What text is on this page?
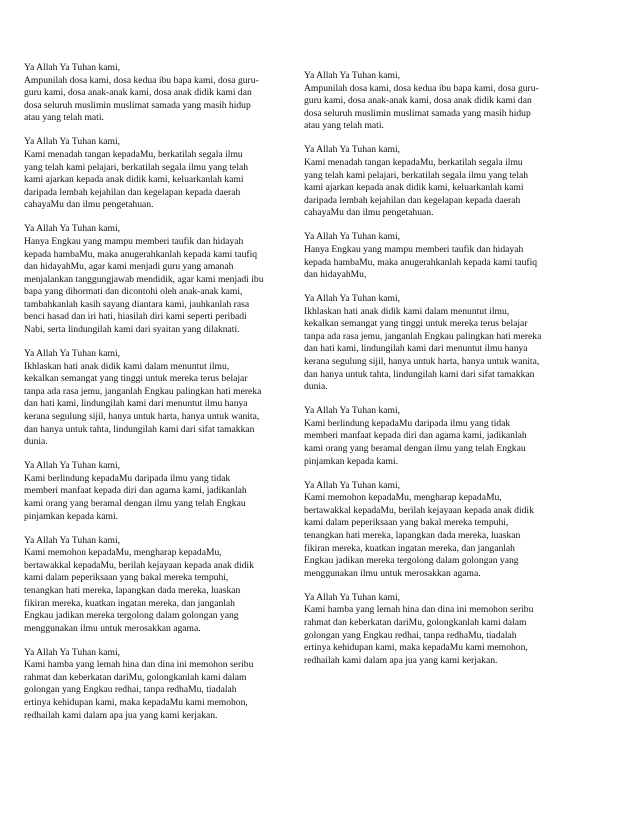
Ya Allah Ya Tuhan kami,
Ampunilah dosa kami, dosa kedua ibu bapa kami, dosa guru-
guru kami, dosa anak-anak kami, dosa anak didik kami dan
dosa seluruh muslimin muslimat samada yang masih hidup
atau yang telah mati.
Ya Allah Ya Tuhan kami,
Kami menadah tangan kepadaMu, berkatilah segala ilmu
yang telah kami pelajari, berkatilah segala ilmu yang telah
kami ajarkan kepada anak didik kami, keluarkanlah kami
daripada lembah kejahilan dan kegelapan kepada daerah
cahayaMu dan ilmu pengetahuan.
Ya Allah Ya Tuhan kami,
Hanya Engkau yang mampu memberi taufik dan hidayah
kepada hambaMu, maka anugerahkanlah kepada kami taufiq
dan hidayahMu, agar kami menjadi guru yang amanah
menjalankan tanggungjawab mendidik, agar kami menjadi ibu
bapa yang dihormati dan dicontohi oleh anak-anak kami,
tambahkanlah kasih sayang diantara kami, jauhkanlah rasa
benci hasad dan iri hati, hiasilah diri kami seperti peribadi
Nabi, serta lindungilah kami dari syaitan yang dilaknati.
Ya Allah Ya Tuhan kami,
Ikhlaskan hati anak didik kami dalam menuntut ilmu,
kekalkan semangat yang tinggi untuk mereka terus belajar
tanpa ada rasa jemu, janganlah Engkau palingkan hati mereka
dan hati kami, lindungilah kami dari menuntut ilmu hanya
kerana segulung sijil, hanya untuk harta, hanya untuk wanita,
dan hanya untuk tahta, lindungilah kami dari sifat tamakkan
dunia.
Ya Allah Ya Tuhan kami,
Kami berlindung kepadaMu daripada ilmu yang tidak
memberi manfaat kepada diri dan agama kami, jadikanlah
kami orang yang beramal dengan ilmu yang telah Engkau
pinjamkan kepada kami.
Ya Allah Ya Tuhan kami,
Kami memohon kepadaMu, mengharap kepadaMu,
bertawakkal kepadaMu, berilah kejayaan kepada anak didik
kami dalam peperiksaan yang bakal mereka tempuhi,
tenangkan hati mereka, lapangkan dada mereka, luaskan
fikiran mereka, kuatkan ingatan mereka, dan janganlah
Engkau jadikan mereka tergolong dalam golongan yang
menggunakan ilmu untuk merosakkan agama.
Ya Allah Ya Tuhan kami,
Kami hamba yang lemah hina dan dina ini memohon seribu
rahmat dan keberkatan dariMu, golongkanlah kami dalam
golongan yang Engkau redhai, tanpa redhaMu, tiadalah
ertinya kehidupan kami, maka kepadaMu kami memohon,
redhailah kami dalam apa jua yang kami kerjakan.
Ya Allah Ya Tuhan kami,
Ampunilah dosa kami, dosa kedua ibu bapa kami, dosa guru-
guru kami, dosa anak-anak kami, dosa anak didik kami dan
dosa seluruh muslimin muslimat samada yang masih hidup
atau yang telah mati.
Ya Allah Ya Tuhan kami,
Kami menadah tangan kepadaMu, berkatilah segala ilmu
yang telah kami pelajari, berkatilah segala ilmu yang telah
kami ajarkan kepada anak didik kami, keluarkanlah kami
daripada lembah kejahilan dan kegelapan kepada daerah
cahayaMu dan ilmu pengetahuan.
Ya Allah Ya Tuhan kami,
Hanya Engkau yang mampu memberi taufik dan hidayah
kepada hambaMu, maka anugerahkanlah kepada kami taufiq
dan hidayahMu,
Ya Allah Ya Tuhan kami,
Ikhlaskan hati anak didik kami dalam menuntut ilmu,
kekalkan semangat yang tinggi untuk mereka terus belajar
tanpa ada rasa jemu, janganlah Engkau palingkan hati mereka
dan hati kami, lindungilah kami dari menuntut ilmu hanya
kerana segulung sijil, hanya untuk harta, hanya untuk wanita,
dan hanya untuk tahta, lindungilah kami dari sifat tamakkan
dunia.
Ya Allah Ya Tuhan kami,
Kami berlindung kepadaMu daripada ilmu yang tidak
memberi manfaat kepada diri dan agama kami, jadikanlah
kami orang yang beramal dengan ilmu yang telah Engkau
pinjamkan kepada kami.
Ya Allah Ya Tuhan kami,
Kami memohon kepadaMu, mengharap kepadaMu,
bertawakkal kepadaMu, berilah kejayaan kepada anak didik
kami dalam peperiksaan yang bakal mereka tempuhi,
tenangkan hati mereka, lapangkan dada mereka, luaskan
fikiran mereka, kuatkan ingatan mereka, dan janganlah
Engkau jadikan mereka tergolong dalam golongan yang
menggunakan ilmu untuk merosakkan agama.
Ya Allah Ya Tuhan kami,
Kami hamba yang lemah hina dan dina ini memohon seribu
rahmat dan keberkatan dariMu, golongkanlah kami dalam
golongan yang Engkau redhai, tanpa redhaMu, tiadalah
ertinya kehidupan kami, maka kepadaMu kami memohon,
redhailah kami dalam apa jua yang kami kerjakan.
